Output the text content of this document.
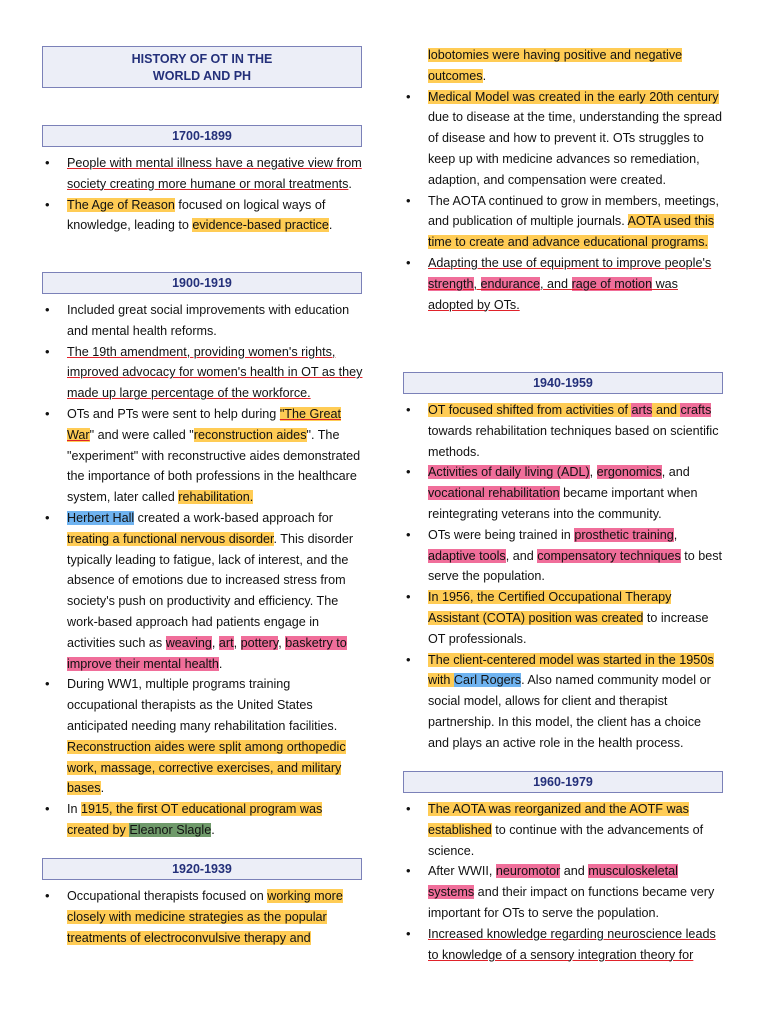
HISTORY OF OT IN THE
WORLD AND PH
1700-1899
• People with mental illness have a negative view from society creating more humane or moral treatments.
• The Age of Reason focused on logical ways of knowledge, leading to evidence-based practice.
1900-1919
• Included great social improvements with education and mental health reforms.
• The 19th amendment, providing women's rights, improved advocacy for women's health in OT as they made up large percentage of the workforce.
• OTs and PTs were sent to help during "The Great War" and were called "reconstruction aides". The "experiment" with reconstructive aides demonstrated the importance of both professions in the healthcare system, later called rehabilitation.
• Herbert Hall created a work-based approach for treating a functional nervous disorder. This disorder typically leading to fatigue, lack of interest, and the absence of emotions due to increased stress from society's push on productivity and efficiency. The work-based approach had patients engage in activities such as weaving, art, pottery, basketry to improve their mental health.
• During WW1, multiple programs training occupational therapists as the United States anticipated needing many rehabilitation facilities. Reconstruction aides were split among orthopedic work, massage, corrective exercises, and military bases.
• In 1915, the first OT educational program was created by Eleanor Slagle.
1920-1939
• Occupational therapists focused on working more closely with medicine strategies as the popular treatments of electroconvulsive therapy and
lobotomies were having positive and negative outcomes.
• Medical Model was created in the early 20th century due to disease at the time, understanding the spread of disease and how to prevent it. OTs struggles to keep up with medicine advances so remediation, adaption, and compensation were created.
• The AOTA continued to grow in members, meetings, and publication of multiple journals. AOTA used this time to create and advance educational programs.
• Adapting the use of equipment to improve people's strength, endurance, and rage of motion was adopted by OTs.
1940-1959
• OT focused shifted from activities of arts and crafts towards rehabilitation techniques based on scientific methods.
• Activities of daily living (ADL), ergonomics, and vocational rehabilitation became important when reintegrating veterans into the community.
• OTs were being trained in prosthetic training, adaptive tools, and compensatory techniques to best serve the population.
• In 1956, the Certified Occupational Therapy Assistant (COTA) position was created to increase OT professionals.
• The client-centered model was started in the 1950s with Carl Rogers. Also named community model or social model, allows for client and therapist partnership. In this model, the client has a choice and plays an active role in the health process.
1960-1979
• The AOTA was reorganized and the AOTF was established to continue with the advancements of science.
• After WWII, neuromotor and musculoskeletal systems and their impact on functions became very important for OTs to serve the population.
• Increased knowledge regarding neuroscience leads to knowledge of a sensory integration theory for
